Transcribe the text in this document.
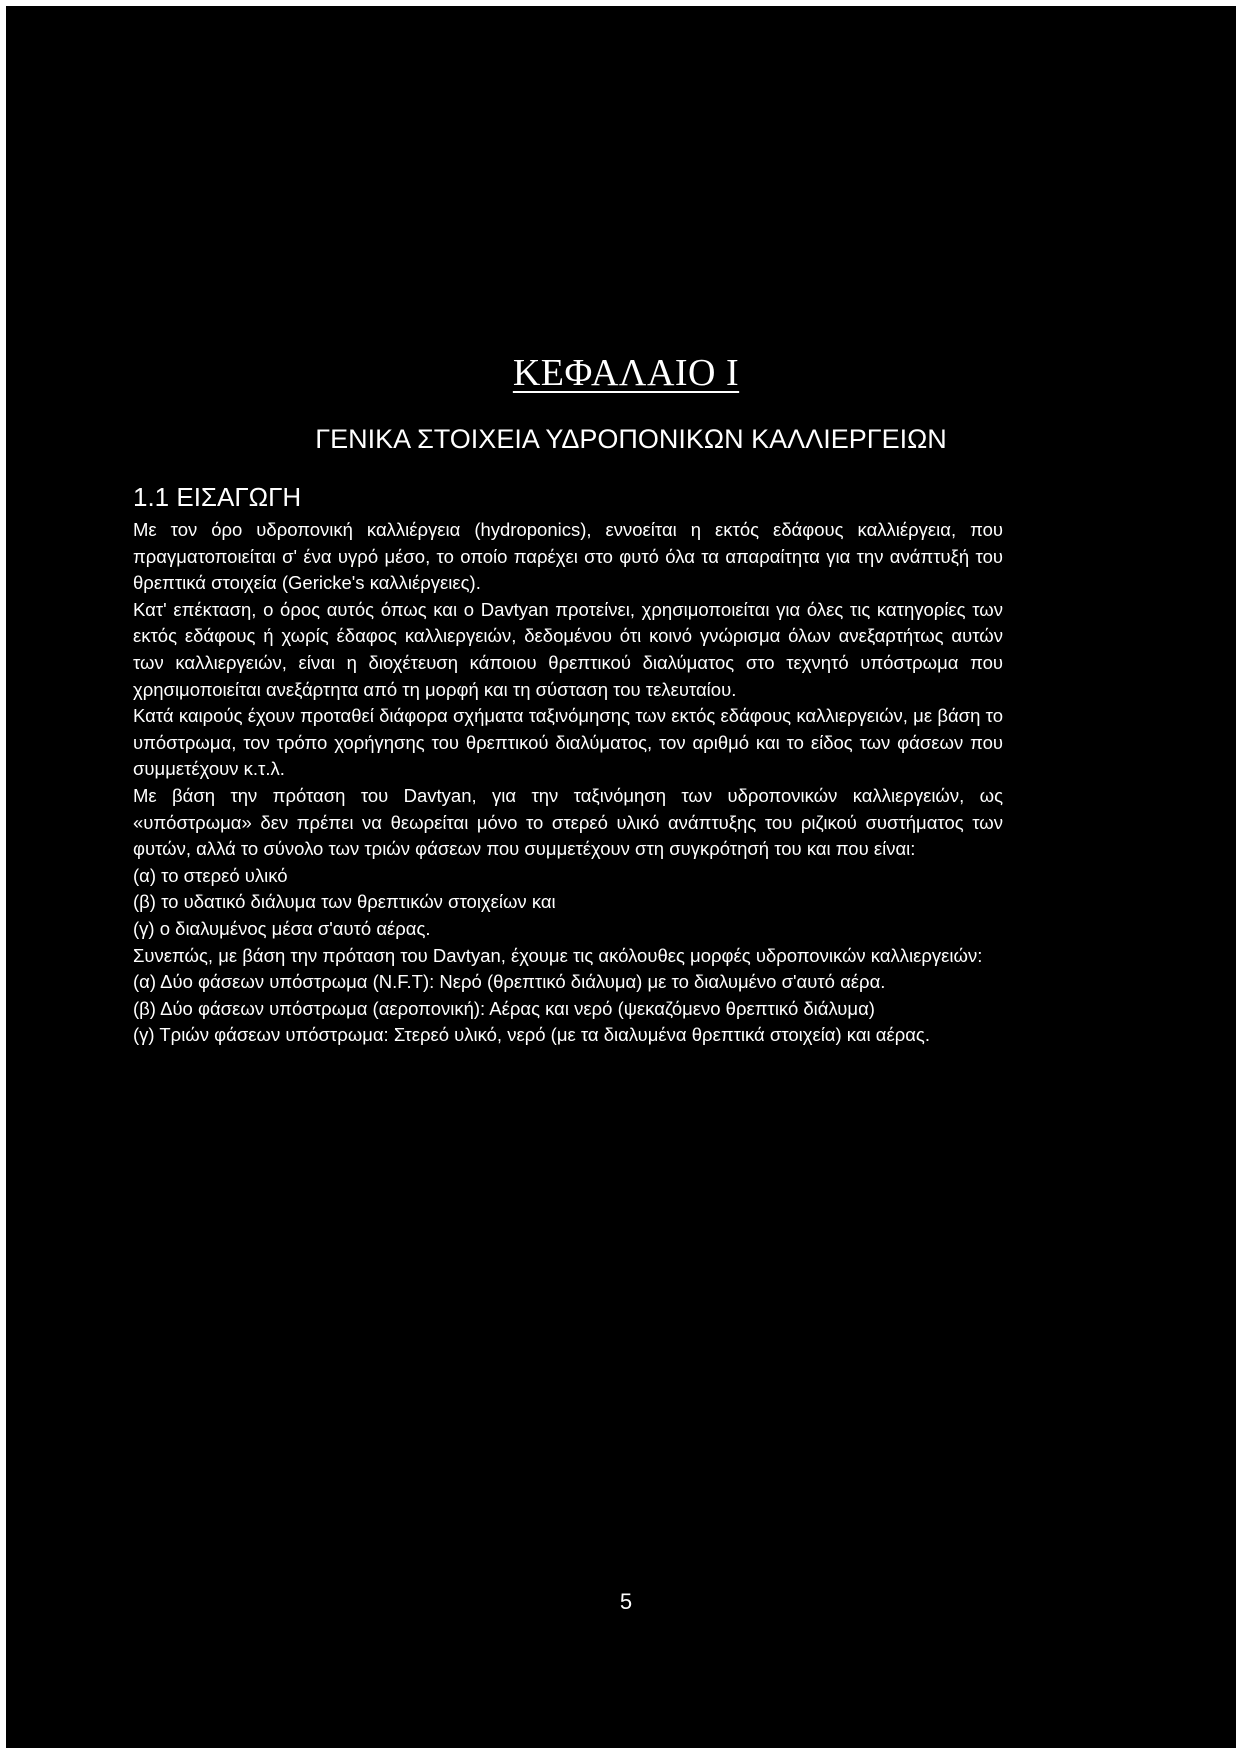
ΚΕΦΑΛΑΙΟ Ι
ΓΕΝΙΚΑ ΣΤΟΙΧΕΙΑ ΥΔΡΟΠΟΝΙΚΩΝ ΚΑΛΛΙΕΡΓΕΙΩΝ
1.1 ΕΙΣΑΓΩΓΗ

Με τον όρο υδροπονική καλλιέργεια (hydroponics), εννοείται η εκτός εδάφους καλλιέργεια, που πραγματοποιείται σ' ένα υγρό μέσο, το οποίο παρέχει στο φυτό όλα τα απαραίτητα για την ανάπτυξή του θρεπτικά στοιχεία (Gericke's καλλιέργειες).

Κατ' επέκταση, ο όρος αυτός όπως και ο Davtyan προτείνει, χρησιμοποιείται για όλες τις κατηγορίες των εκτός εδάφους ή χωρίς έδαφος καλλιεργειών, δεδομένου ότι κοινό γνώρισμα όλων ανεξαρτήτως αυτών των καλλιεργειών, είναι η διοχέτευση κάποιου θρεπτικού διαλύματος στο τεχνητό υπόστρωμα που χρησιμοποιείται ανεξάρτητα από τη μορφή και τη σύσταση του τελευταίου.

Κατά καιρούς έχουν προταθεί διάφορα σχήματα ταξινόμησης των εκτός εδάφους καλλιεργειών, με βάση το υπόστρωμα, τον τρόπο χορήγησης του θρεπτικού διαλύματος, τον αριθμό και το είδος των φάσεων που συμμετέχουν κ.τ.λ.

Με βάση την πρόταση του Davtyan, για την ταξινόμηση των υδροπονικών καλλιεργειών, ως «υπόστρωμα» δεν πρέπει να θεωρείται μόνο το στερεό υλικό ανάπτυξης του ριζικού συστήματος των φυτών, αλλά το σύνολο των τριών φάσεων που συμμετέχουν στη συγκρότησή του και που είναι:

(α) το στερεό υλικό

(β) το υδατικό διάλυμα των θρεπτικών στοιχείων και

(γ) ο διαλυμένος μέσα σ'αυτό αέρας.

Συνεπώς, με βάση την πρόταση του Davtyan, έχουμε τις ακόλουθες μορφές υδροπονικών καλλιεργειών:

(α) Δύο φάσεων υπόστρωμα (N.F.T): Νερό (θρεπτικό διάλυμα) με το διαλυμένο σ'αυτό αέρα.

(β) Δύο φάσεων υπόστρωμα (αεροπονική): Αέρας και νερό (ψεκαζόμενο θρεπτικό διάλυμα)

(γ) Τριών φάσεων υπόστρωμα: Στερεό υλικό, νερό (με τα διαλυμένα θρεπτικά στοιχεία) και αέρας.

5
